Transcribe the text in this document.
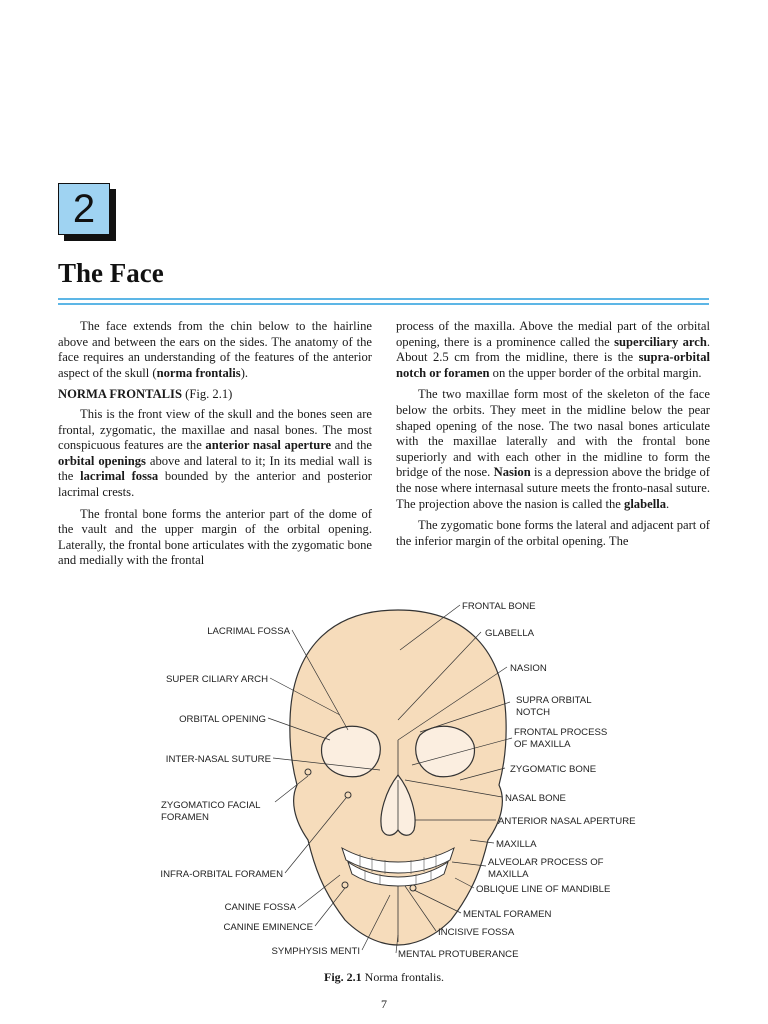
2
The Face

The face extends from the chin below to the hairline above and between the ears on the sides. The anatomy of the face requires an understanding of the features of the anterior aspect of the skull (norma frontalis).

NORMA FRONTALIS (Fig. 2.1)

This is the front view of the skull and the bones seen are frontal, zygomatic, the maxillae and nasal bones. The most conspicuous features are the anterior nasal aperture and the orbital openings above and lateral to it; In its medial wall is the lacrimal fossa bounded by the anterior and posterior lacrimal crests.

The frontal bone forms the anterior part of the dome of the vault and the upper margin of the orbital opening. Laterally, the frontal bone articulates with the zygomatic bone and medially with the frontal

process of the maxilla. Above the medial part of the orbital opening, there is a prominence called the superciliary arch. About 2.5 cm from the midline, there is the supra-orbital notch or foramen on the upper border of the orbital margin.

The two maxillae form most of the skeleton of the face below the orbits. They meet in the midline below the pear shaped opening of the nose. The two nasal bones articulate with the maxillae laterally and with the frontal bone superiorly and with each other in the midline to form the bridge of the nose. Nasion is a depression above the bridge of the nose where internasal suture meets the fronto-nasal suture. The projection above the nasion is called the glabella.

The zygomatic bone forms the lateral and adjacent part of the inferior margin of the orbital opening. The

LACRIMAL FOSSA
SUPER CILIARY ARCH
ORBITAL OPENING
INTER-NASAL SUTURE
ZYGOMATICO FACIAL
FORAMEN
INFRA-ORBITAL FORAMEN
CANINE FOSSA
CANINE EMINENCE
SYMPHYSIS MENTI
FRONTAL BONE
GLABELLA
NASION
SUPRA ORBITAL
NOTCH
FRONTAL PROCESS
OF MAXILLA
ZYGOMATIC BONE
NASAL BONE
ANTERIOR NASAL APERTURE
MAXILLA
ALVEOLAR PROCESS OF
MAXILLA
OBLIQUE LINE OF MANDIBLE
MENTAL FORAMEN
INCISIVE FOSSA
MENTAL PROTUBERANCE
Fig. 2.1 Norma frontalis.
7
